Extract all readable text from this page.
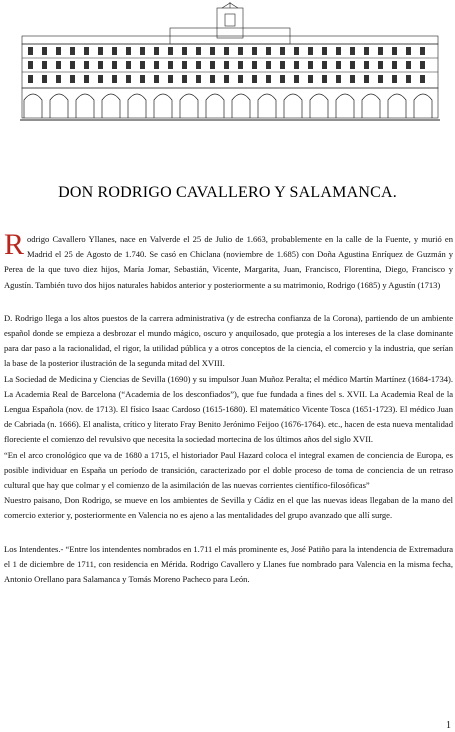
DON RODRIGO CAVALLERO Y SALAMANCA.

Rodrigo Cavallero Yllanes, nace en Valverde el 25 de Julio de 1.663, probablemente en la calle de la Fuente, y murió en Madrid el 25 de Agosto de 1.740. Se casó en Chiclana (noviembre de 1.685) con Doña Agustina Enríquez de Guzmán y Perea de la que tuvo diez hijos, María Jomar, Sebastián, Vicente, Margarita, Juan, Francisco, Florentina, Diego, Francisco y Agustín. También tuvo dos hijos naturales habidos anterior y posteriormente a su matrimonio, Rodrigo (1685) y Agustín (1713)

D. Rodrigo llega a los altos puestos de la carrera administrativa (y de estrecha confianza de la Corona), partiendo de un ambiente español donde se empieza a desbrozar el mundo mágico, oscuro y anquilosado, que protegía a los intereses de la clase dominante para dar paso a la racionalidad, el rigor, la utilidad pública y a otros conceptos de la ciencia, el comercio y la industria, que serían la base de la posterior ilustración de la segunda mitad del XVIII.

La Sociedad de Medicina y Ciencias de Sevilla (1690) y su impulsor Juan Muñoz Peralta; el médico Martín Martínez (1684-1734). La Academia Real de Barcelona (“Academia de los desconfiados”), que fue fundada a fines del s. XVII. La Academia Real de la Lengua Española (nov. de 1713). El físico Isaac Cardoso (1615-1680). El matemático Vicente Tosca (1651-1723). El médico Juan de Cabriada (n. 1666). El analista, crítico y literato Fray Benito Jerónimo Feijoo (1676-1764). etc., hacen de esta nueva mentalidad florecientе el comienzo del revulsivo que necesita la sociedad mortecina de los últimos años del siglo XVII.

“En el arco cronológico que va de 1680 a 1715, el historiador Paul Hazard coloca el integral examen de conciencia de Europa, es posible individuar en España un período de transición, caracterizado por el doble proceso de toma de conciencia de un retraso cultural que hay que colmar y el comienzo de la asimilación de las nuevas corrientes científico-filosóficas”

Nuestro paisano, Don Rodrigo, se mueve en los ambientes de Sevilla y Cádiz en el que las nuevas ideas llegaban de la mano del comercio exterior y, posteriormente en Valencia no es ajeno a las mentalidades del grupo avanzado que allí surge.

Los Intendentes.- “Entre los intendentes nombrados en 1.711 el más prominente es, José Patiño para la intendencia de Extremadura el 1 de diciembre de 1711, con residencia en Mérida. Rodrigo Cavallero y Llanes fue nombrado para Valencia en la misma fecha, Antonio Orellano para Salamanca y Tomás Moreno Pacheco para León.

1
